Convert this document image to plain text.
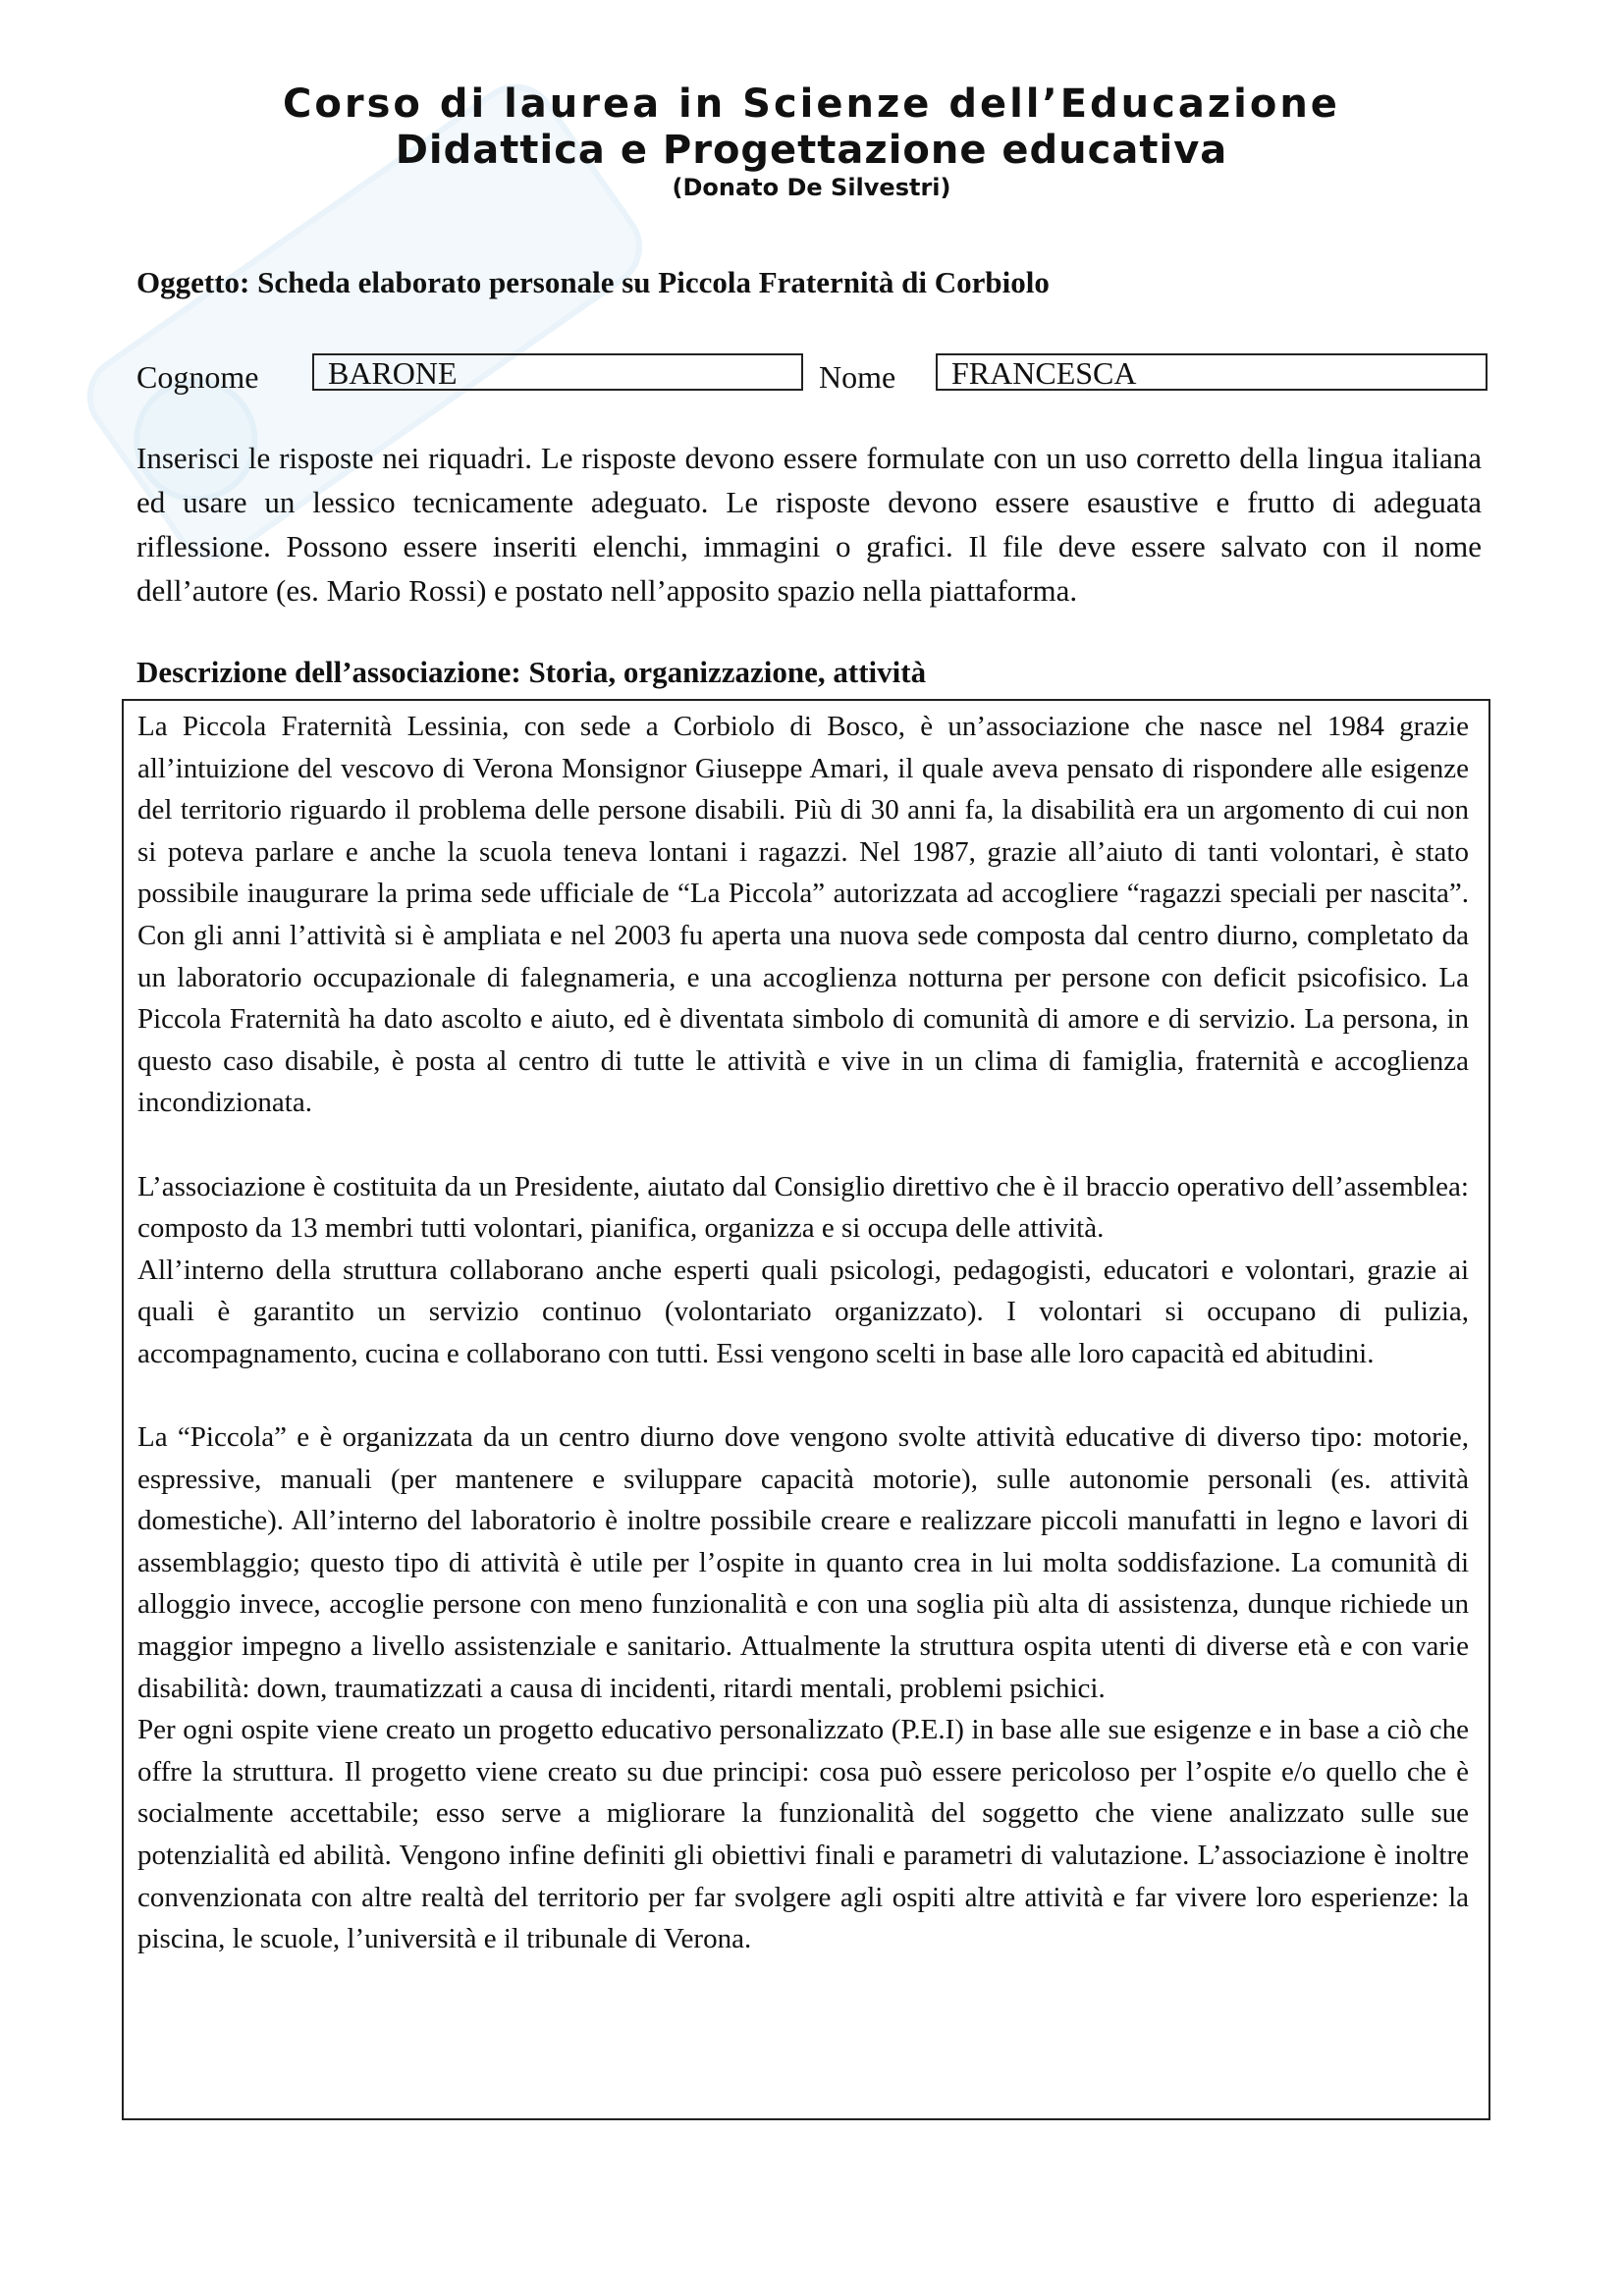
Corso di laurea in Scienze dell’Educazione

Didattica e Progettazione educativa

(Donato De Silvestri)

Oggetto: Scheda elaborato personale su Piccola Fraternità di Corbiolo
Cognome	BARONE	Nome	FRANCESCA

Inserisci le risposte nei riquadri. Le risposte devono essere formulate con un uso corretto della lingua italiana ed usare un lessico tecnicamente adeguato. Le risposte devono essere esaustive e frutto di adeguata riflessione. Possono essere inseriti elenchi, immagini o grafici. Il file deve essere salvato con il nome dell’autore (es. Mario Rossi) e postato nell’apposito spazio nella piattaforma.

Descrizione dell’associazione: Storia, organizzazione, attività

La Piccola Fraternità Lessinia, con sede a Corbiolo di Bosco, è un’associazione che nasce nel 1984 grazie all’intuizione del vescovo di Verona Monsignor Giuseppe Amari, il quale aveva pensato di rispondere alle esigenze del territorio riguardo il problema delle persone disabili. Più di 30 anni fa, la disabilità era un argomento di cui non si poteva parlare e anche la scuola teneva lontani i ragazzi. Nel 1987, grazie all’aiuto di tanti volontari, è stato possibile inaugurare la prima sede ufficiale de “La Piccola” autorizzata ad accogliere “ragazzi speciali per nascita”. Con gli anni l’attività si è ampliata e nel 2003 fu aperta una nuova sede composta dal centro diurno, completato da un laboratorio occupazionale di falegnameria, e una accoglienza notturna per persone con deficit psicofisico. La Piccola Fraternità ha dato ascolto e aiuto, ed è diventata simbolo di comunità di amore e di servizio. La persona, in questo caso disabile, è posta al centro di tutte le attività e vive in un clima di famiglia, fraternità e accoglienza incondizionata.

L’associazione è costituita da un Presidente, aiutato dal Consiglio direttivo che è il braccio operativo dell’assemblea: composto da 13 membri tutti volontari, pianifica, organizza e si occupa delle attività.

All’interno della struttura collaborano anche esperti quali psicologi, pedagogisti, educatori e volontari, grazie ai quali è garantito un servizio continuo (volontariato organizzato). I volontari si occupano di pulizia, accompagnamento, cucina e collaborano con tutti. Essi vengono scelti in base alle loro capacità ed abitudini.

La “Piccola” e è organizzata da un centro diurno dove vengono svolte attività educative di diverso tipo: motorie, espressive, manuali (per mantenere e sviluppare capacità motorie), sulle autonomie personali (es. attività domestiche). All’interno del laboratorio è inoltre possibile creare e realizzare piccoli manufatti in legno e lavori di assemblaggio; questo tipo di attività è utile per l’ospite in quanto crea in lui molta soddisfazione. La comunità di alloggio invece, accoglie persone con meno funzionalità e con una soglia più alta di assistenza, dunque richiede un maggior impegno a livello assistenziale e sanitario. Attualmente la struttura ospita utenti di diverse età e con varie disabilità: down, traumatizzati a causa di incidenti, ritardi mentali, problemi psichici.

Per ogni ospite viene creato un progetto educativo personalizzato (P.E.I) in base alle sue esigenze e in base a ciò che offre la struttura. Il progetto viene creato su due principi: cosa può essere pericoloso per l’ospite e/o quello che è socialmente accettabile; esso serve a migliorare la funzionalità del soggetto che viene analizzato sulle sue potenzialità ed abilità. Vengono infine definiti gli obiettivi finali e parametri di valutazione. L’associazione è inoltre convenzionata con altre realtà del territorio per far svolgere agli ospiti altre attività e far vivere loro esperienze: la piscina, le scuole, l’università e il tribunale di Verona.
